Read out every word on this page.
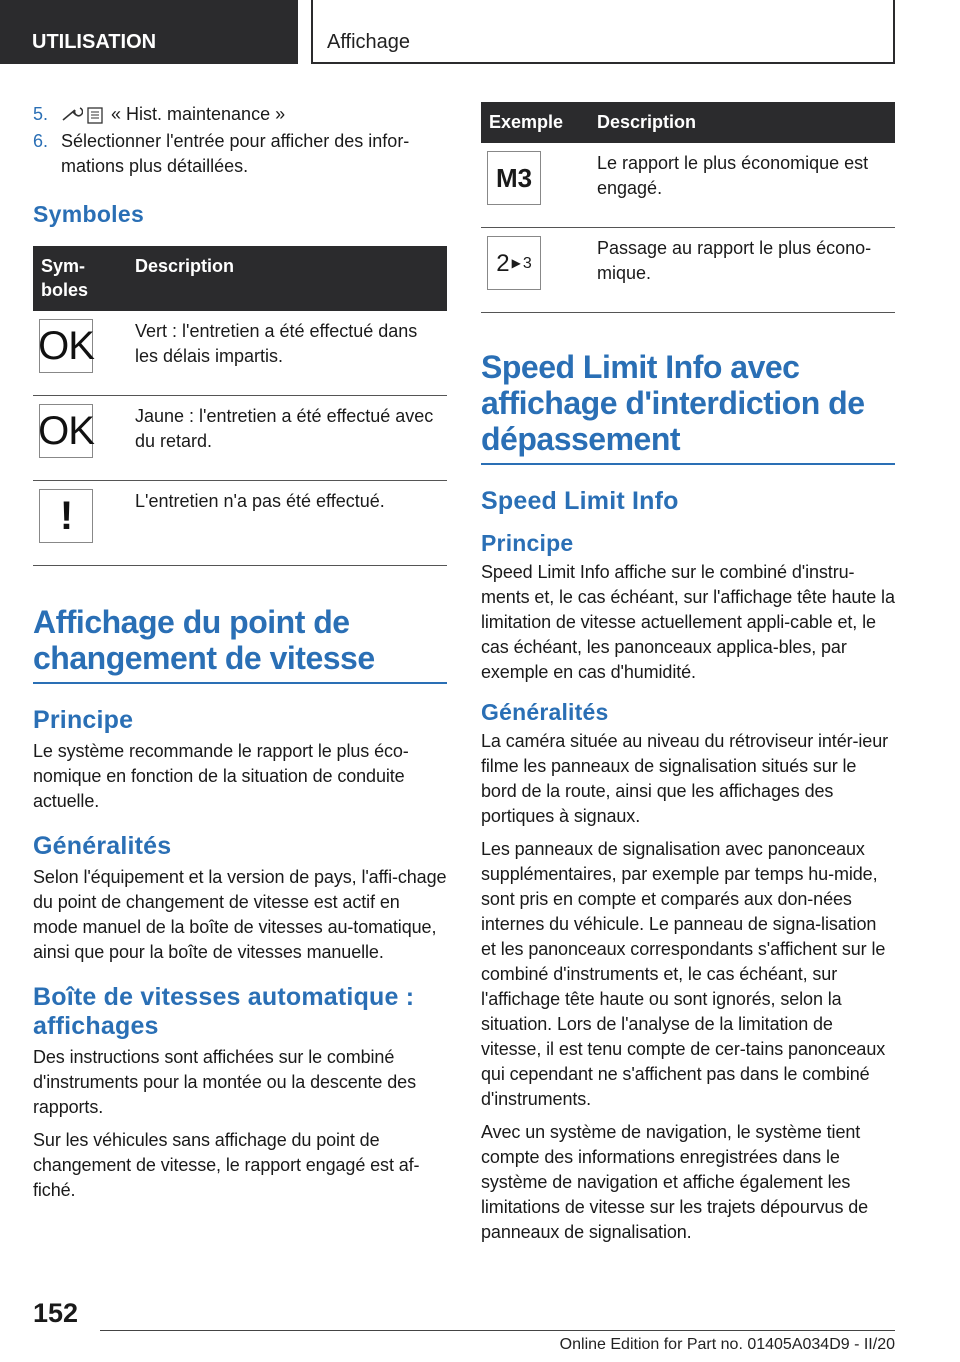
UTILISATION	Affichage
5.	« Hist. maintenance »
6. Sélectionner l'entrée pour afficher des infor-mations plus détaillées.
Symboles
Sym-boles	Description

OK	Vert : l'entretien a été effectué dans les délais impartis.

OK	Jaune : l'entretien a été effectué avec du retard.

!	L'entretien n'a pas été effectué.
Affichage du point de changement de vitesse
Principe

Le système recommande le rapport le plus éco-nomique en fonction de la situation de conduite actuelle.

Généralités

Selon l'équipement et la version de pays, l'affi-chage du point de changement de vitesse est actif en mode manuel de la boîte de vitesses au-tomatique, ainsi que pour la boîte de vitesses manuelle.

Boîte de vitesses automatique : affichages

Des instructions sont affichées sur le combiné d'instruments pour la montée ou la descente des rapports.

Sur les véhicules sans affichage du point de changement de vitesse, le rapport engagé est af-fiché.

Exemple	Description

M3	Le rapport le plus économique est engagé.

2 ▶ 3	Passage au rapport le plus écono-mique.
Speed Limit Info avec affichage d'interdiction de dépassement
Speed Limit Info
Principe

Speed Limit Info affiche sur le combiné d'instru-ments et, le cas échéant, sur l'affichage tête haute la limitation de vitesse actuellement appli-cable et, le cas échéant, les panonceaux applica-bles, par exemple en cas d'humidité.

Généralités

La caméra située au niveau du rétroviseur intér-ieur filme les panneaux de signalisation situés sur le bord de la route, ainsi que les affichages des portiques à signaux.

Les panneaux de signalisation avec panonceaux supplémentaires, par exemple par temps hu-mide, sont pris en compte et comparés aux don-nées internes du véhicule. Le panneau de signa-lisation et les panonceaux correspondants s'affichent sur le combiné d'instruments et, le cas échéant, sur l'affichage tête haute ou sont ignorés, selon la situation. Lors de l'analyse de la limitation de vitesse, il est tenu compte de cer-tains panonceaux qui cependant ne s'affichent pas dans le combiné d'instruments.

Avec un système de navigation, le système tient compte des informations enregistrées dans le système de navigation et affiche également les limitations de vitesse sur les trajets dépourvus de panneaux de signalisation.

152
Online Edition for Part no. 01405A034D9 - II/20
